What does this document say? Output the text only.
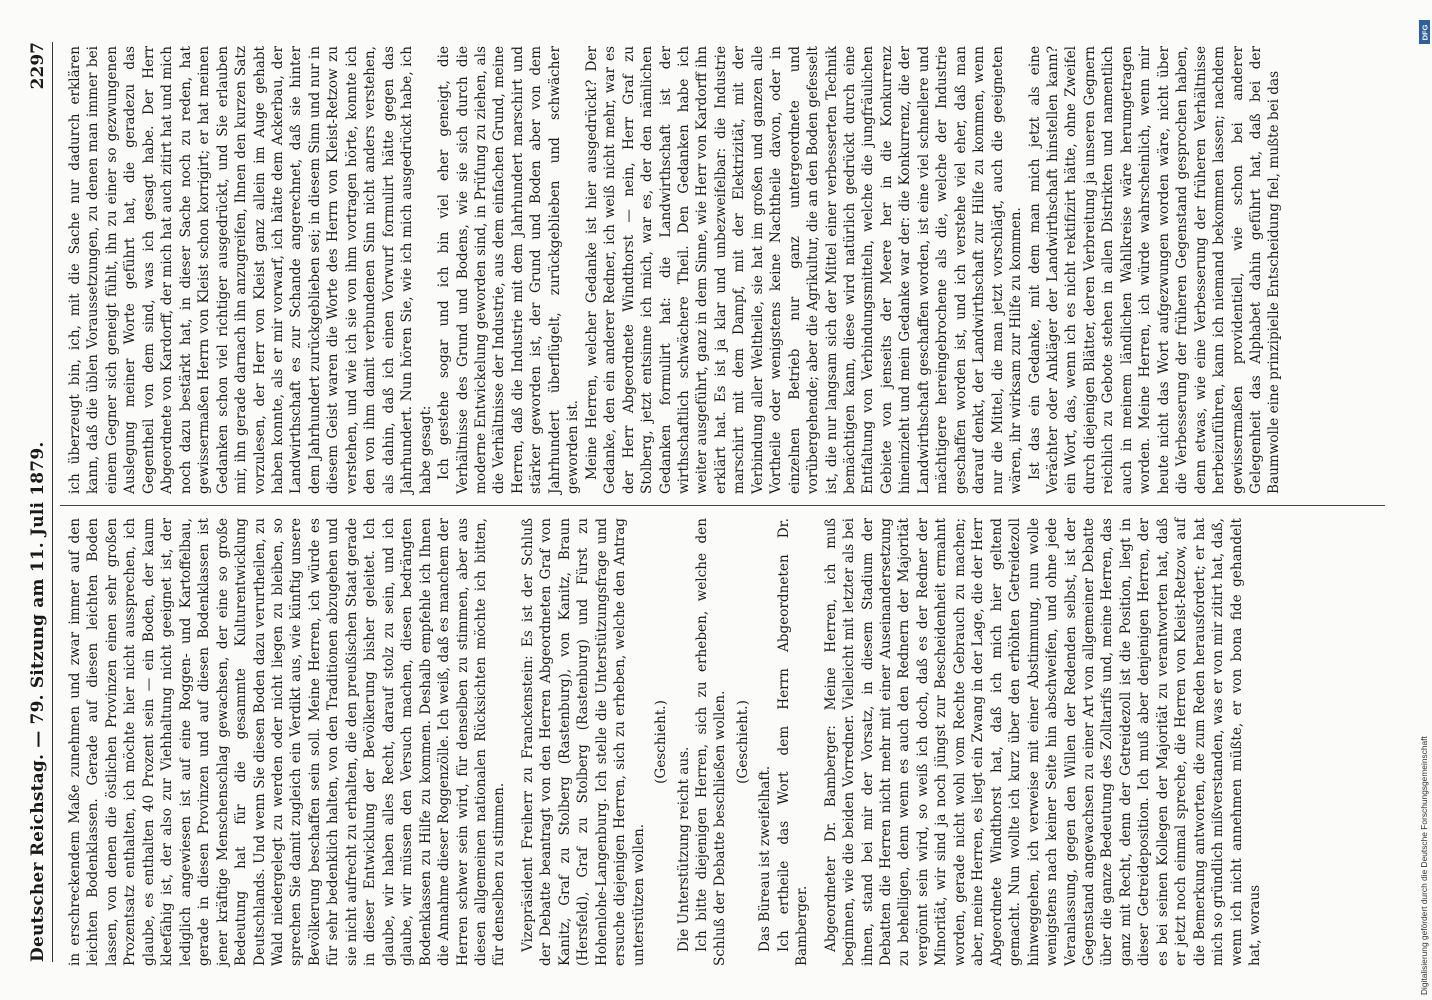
Deutscher Reichstag. — 79. Sitzung am 11. Juli 1879.
2297

in erschreckendem Maße zunehmen und zwar immer auf den leichten Bodenklassen. Gerade auf diesen leichten Boden lassen, von denen die östlichen Provinzen einen sehr großen Prozentsatz enthalten, ich möchte hier nicht aussprechen, ich glaube, es enthalten 40 Prozent sein — ein Boden, der kaum kleefähig ist, der also zur Viehhaltung nicht geeignet ist, der lediglich angewiesen ist auf eine Roggen- und Kartoffelbau, gerade in diesen Provinzen und auf diesen Bodenklassen ist jener kräftige Menschenschlag gewachsen, der eine so große Bedeutung hat für die gesammte Kulturentwicklung Deutschlands. Und wenn Sie diesen Boden dazu verurtheilen, zu Wald niedergelegt zu werden oder nicht liegen zu bleiben, so sprechen Sie damit zugleich ein Verdikt aus, wie künftig unsere Bevölkerung beschaffen sein soll. Meine Herren, ich würde es für sehr bedenklich halten, von den Traditionen abzugehen und sie nicht aufrecht zu erhalten, die den preußischen Staat gerade in dieser Entwicklung der Bevölkerung bisher geleitet. Ich glaube, wir haben alles Recht, darauf stolz zu sein, und ich glaube, wir müssen den Versuch machen, diesen bedrängten Bodenklassen zu Hilfe zu kommen. Deshalb empfehle ich Ihnen die Annahme dieser Roggenzölle. Ich weiß, daß es manchem der Herren schwer sein wird, für denselben zu stimmen, aber aus diesen allgemeinen nationalen Rücksichten möchte ich bitten, für denselben zu stimmen. Vizepräsident Freiherr zu Franckenstein: Es ist der Schluß der Debatte beantragt von den Herren Abgeordneten Graf von Kanitz, Graf zu Stolberg (Rastenburg), von Kanitz, Braun (Hersfeld), Graf zu Stolberg (Rastenburg) und Fürst zu Hohenlohe-Langenburg. Ich stelle die Unterstützungsfrage und ersuche diejenigen Herren, sich zu erheben, welche den Antrag unterstützen wollen.

(Geschieht.)

Die Unterstützung reicht aus. Ich bitte diejenigen Herren, sich zu erheben, welche den Schluß der Debatte beschließen wollen. (Geschieht.)

Das Büreau ist zweifelhaft. Ich ertheile das Wort dem Herrn Abgeordneten Dr. Bamberger. Abgeordneter Dr. Bamberger: Meine Herren, ich muß beginnen, wie die beiden Vorredner. Vielleicht mit letzter als bei ihnen, stand bei mir der Vorsatz, in diesem Stadium der Debatten die Herren nicht mehr mit einer Auseinandersetzung zu behelligen, denn wenn es auch den Rednern der Majorität vergönnt sein wird, so weiß ich doch, daß es der Redner der Minorität, wir sind ja noch jüngst zur Bescheidenheit ermahnt worden, gerade nicht wohl vom Rechte Gebrauch zu machen; aber, meine Herren, es liegt ein Zwang in der Lage, die der Herr Abgeordnete Windthorst hat, daß ich mich hier geltend gemacht. Nun wollte ich kurz über den erhöhten Getreidezoll hinweggehen, ich verweise mit einer Abstimmung, nun wolle wenigstens nach keiner Seite hin abschweifen, und ohne jede Veranlassung, gegen den Willen der Redenden selbst, ist der Gegenstand angewachsen zu einer Art von allgemeiner Debatte über die ganze Bedeutung des Zolltarifs und, meine Herren, das ganz mit Recht, denn der Getreidezoll ist die Position, liegt in dieser Getreideposition. Ich muß aber denjenigen Herren, der es bei seinen Kollegen der Majorität zu verantworten hat, daß er jetzt noch einmal spreche, die Herren von Kleist-Retzow, auf die Bemerkung antworten, die zum Reden herausfordert; er hat mich so gründlich mißverstanden, was er von mir zitirt hat, daß, wenn ich nicht annehmen müßte, er von bona fide gehandelt hat, woraus

ich überzeugt bin, ich, mit die Sache nur dadurch erklären kann, daß die üblen Voraussetzungen, zu denen man immer bei einem Gegner sich geneigt fühlt, ihn zu einer so gezwungenen Auslegung meiner Worte geführt hat, die geradezu das Gegentheil von dem sind, was ich gesagt habe. Der Herr Abgeordnete von Kardorff, der mich hat auch zitirt hat und mich noch dazu bestärkt hat, in dieser Sache noch zu reden, hat gewissermaßen Herrn von Kleist schon korrigirt; er hat meinen Gedanken schon viel richtiger ausgedrückt, und Sie erlauben mir, ihn gerade darnach ihn anzugreifen, Ihnen den kurzen Satz vorzulesen, der Herr von Kleist ganz allein im Auge gehabt haben konnte, als er mir vorwarf, ich hätte dem Ackerbau, der Landwirthschaft es zur Schande angerechnet, daß sie hinter dem Jahrhundert zurückgeblieben sei; in diesem Sinn und nur in diesem Geist waren die Worte des Herrn von Kleist-Retzow zu verstehen, und wie ich sie von ihm vortragen hörte, konnte ich den von ihm damit verbundenen Sinn nicht anders verstehen, als dahin, daß ich einen Vorwurf formulirt hätte gegen das Jahrhundert. Nun hören Sie, wie ich mich ausgedrückt habe, ich habe gesagt: Ich gestehe sogar und ich bin viel eher geneigt, die Verhältnisse des Grund und Bodens, wie sie sich durch die moderne Entwickelung geworden sind, in Prüfung zu ziehen, als die Verhältnisse der Industrie, aus dem einfachen Grund, meine Herren, daß die Industrie mit dem Jahrhundert marschirt und stärker geworden ist, der Grund und Boden aber von dem Jahrhundert überflügelt, zurückgeblieben und schwächer geworden ist. Meine Herren, welcher Gedanke ist hier ausgedrückt? Der Gedanke, den ein anderer Redner, ich weiß nicht mehr, war es der Herr Abgeordnete Windthorst — nein, Herr Graf zu Stolberg, jetzt entsinne ich mich, war es, der den nämlichen Gedanken formulirt hat: die Landwirthschaft ist der wirthschaftlich schwächere Theil. Den Gedanken habe ich weiter ausgeführt, ganz in dem Sinne, wie Herr von Kardorff ihn erklärt hat. Es ist ja klar und unbezweifelbar: die Industrie marschirt mit dem Dampf, mit der Elektrizität, mit der Verbindung aller Weltheile, sie hat im großen und ganzen alle Vortheile oder wenigstens keine Nachtheile davon, oder in einzelnen Betrieb nur ganz untergeordnete und vorübergehende; aber die Agrikultur, die an den Boden gefesselt ist, die nur langsam sich der Mittel einer verbesserten Technik bemächtigen kann, diese wird natürlich gedrückt durch eine Entfaltung von Verbindungsmitteln, welche die jungfräulichen Gebiete von jenseits der Meere her in die Konkurrenz hineinzieht und mein Gedanke war der: die Konkurrenz, die der Landwirthschaft geschaffen worden, ist eine viel schnellere und mächtigere hereingebrochene als die, welche der Industrie geschaffen worden ist, und ich verstehe viel eher, daß man darauf denkt, der Landwirthschaft zur Hilfe zu kommen, wenn nur die Mittel, die man jetzt vorschlägt, auch die geeigneten wären, ihr wirksam zur Hilfe zu kommen. Ist das ein Gedanke, mit dem man mich jetzt als eine Verächter oder Ankläger der Landwirthschaft hinstellen kann? ein Wort, das, wenn ich es nicht rektifizirt hätte, ohne Zweifel durch diejenigen Blätter, deren Verbreitung ja unseren Gegnern reichlich zu Gebote stehen in allen Distrikten und namentlich auch in meinem ländlichen Wahlkreise wäre herumgetragen worden. Meine Herren, ich würde wahrscheinlich, wenn mir heute nicht das Wort aufgezwungen worden wäre, nicht über die Verbesserung der früheren Gegenstand gesprochen haben, denn etwas, wie eine Verbesserung der früheren Verhältnisse herbeizuführen, kann ich niemand bekommen lassen; nachdem gewissermaßen providentiell, wie schon bei anderer Gelegenheit das Alphabet dahin geführt hat, daß bei der Baumwolle eine prinzipielle Entscheidung fiel, mußte bei das

Digitalisierung gefördert durch die Deutsche Forschungsgemeinschaft
DFG
